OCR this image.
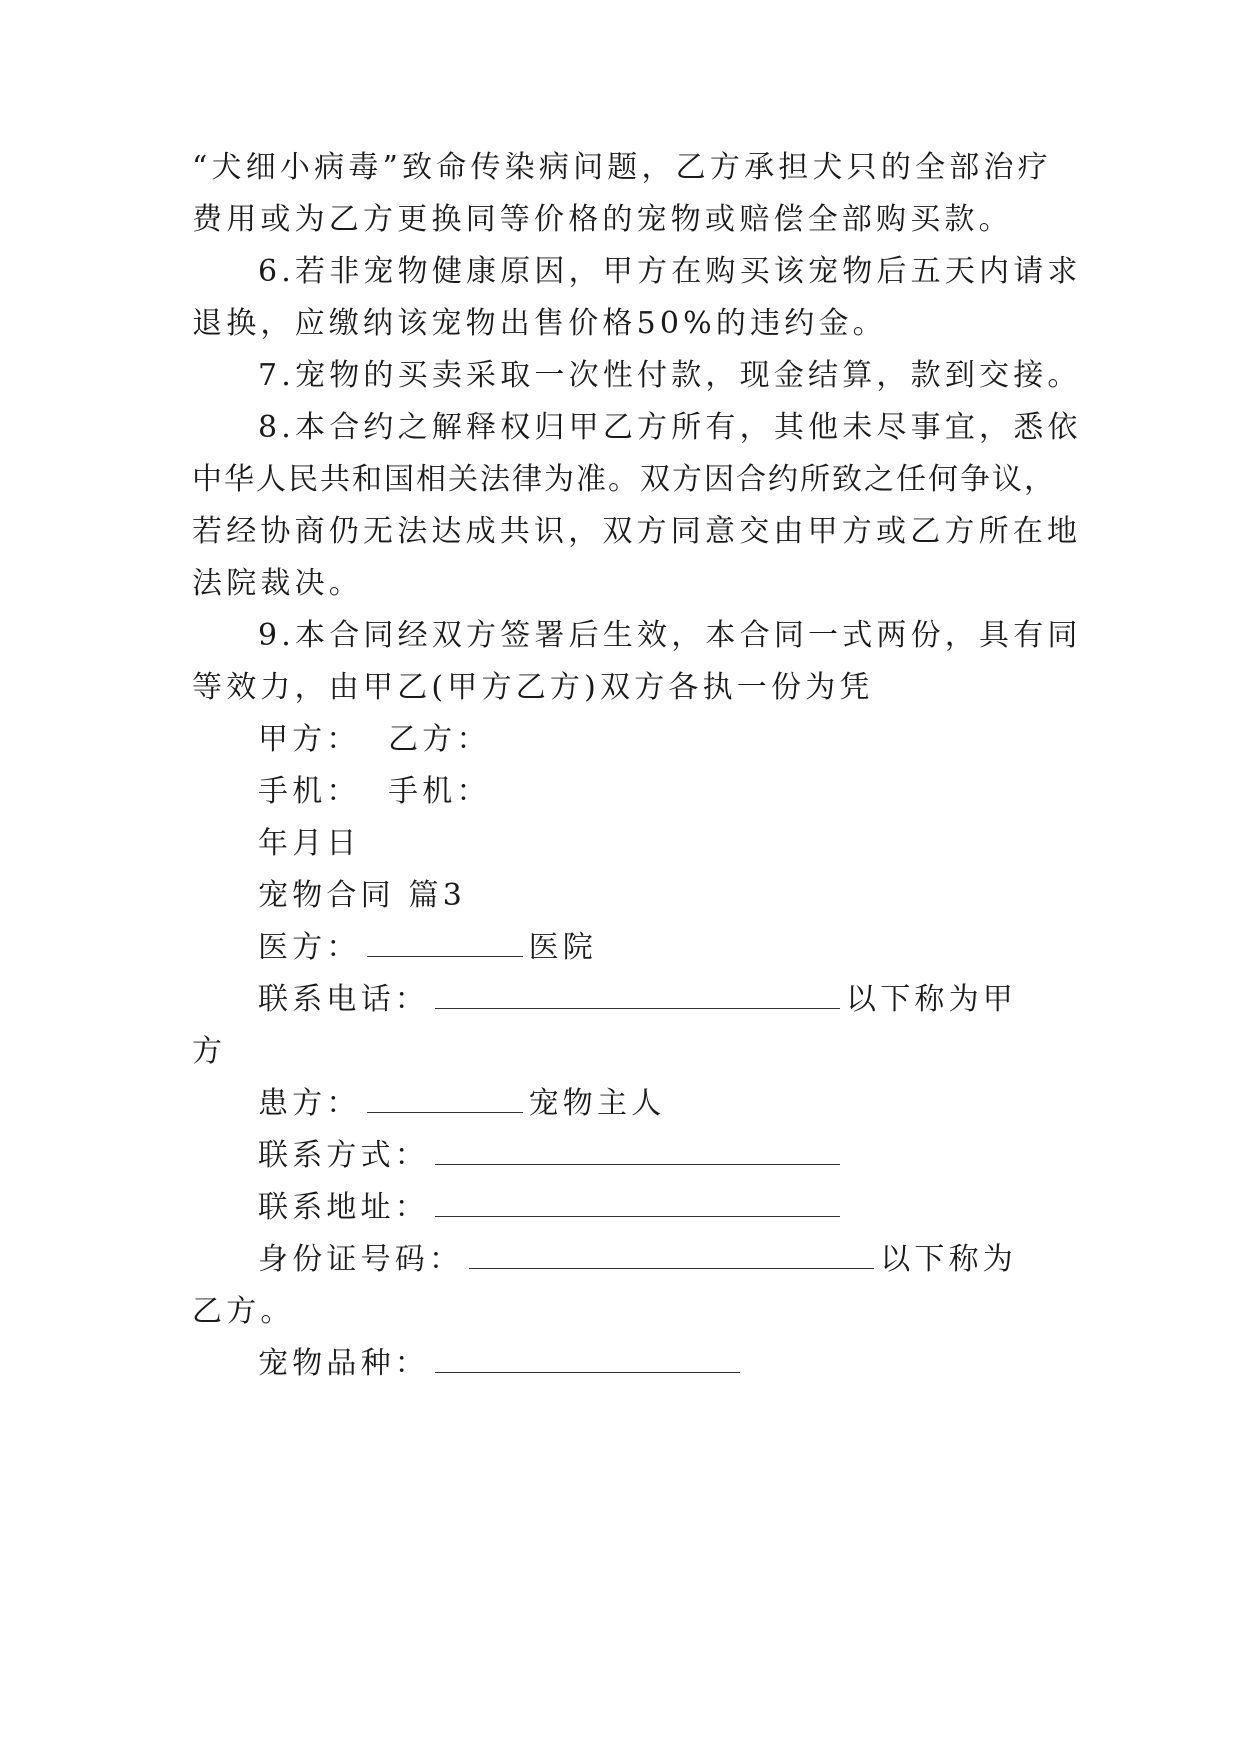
“犬细小病毒”致命传染病问题，乙方承担犬只的全部治疗
费用或为乙方更换同等价格的宠物或赔偿全部购买款。
6.若非宠物健康原因，甲方在购买该宠物后五天内请求
退换，应缴纳该宠物出售价格50%的违约金。
7.宠物的买卖采取一次性付款，现金结算，款到交接。
8.本合约之解释权归甲乙方所有，其他未尽事宜，悉依
中华人民共和国相关法律为准。双方因合约所致之任何争议，
若经协商仍无法达成共识，双方同意交由甲方或乙方所在地
法院裁决。
9.本合同经双方签署后生效，本合同一式两份，具有同
等效力，由甲乙(甲方乙方)双方各执一份为凭
甲方：  乙方：
手机：  手机：
年月日
宠物合同 篇3
医方：	医院
联系电话：	以下称为甲
方
患方：	宠物主人
联系方式：
联系地址：
身份证号码：	以下称为
乙方。
宠物品种：
